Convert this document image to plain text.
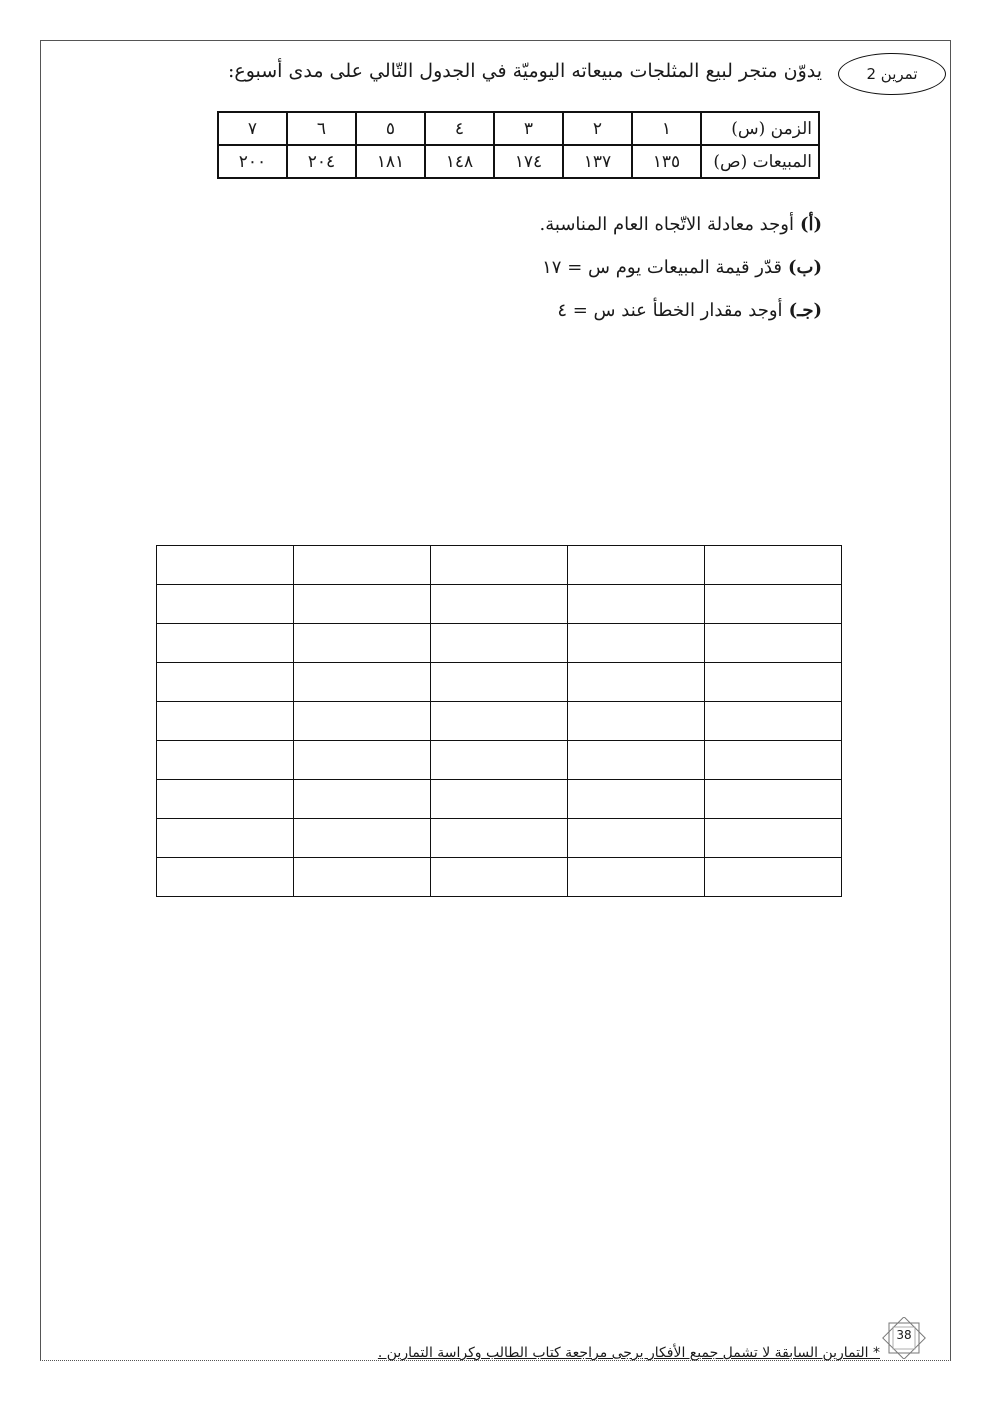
تمرين 2
يدوّن متجر لبيع المثلجات مبيعاته اليوميّة في الجدول التّالي على مدى أسبوع:
الزمن (س)	١	٢	٣	٤	٥	٦	٧
المبيعات (ص)	١٣٥	١٣٧	١٧٤	١٤٨	١٨١	٢٠٤	٢٠٠
(أ)أوجد معادلة الاتّجاه العام المناسبة.
(ب)قدّر قيمة المبيعات يوم س = ١٧
(جـ)أوجد مقدار الخطأ عند س = ٤

38
* التمارين السابقة لا تشمل جميع الأفكار يرجى مراجعة كتاب الطالب وكراسة التمارين .
